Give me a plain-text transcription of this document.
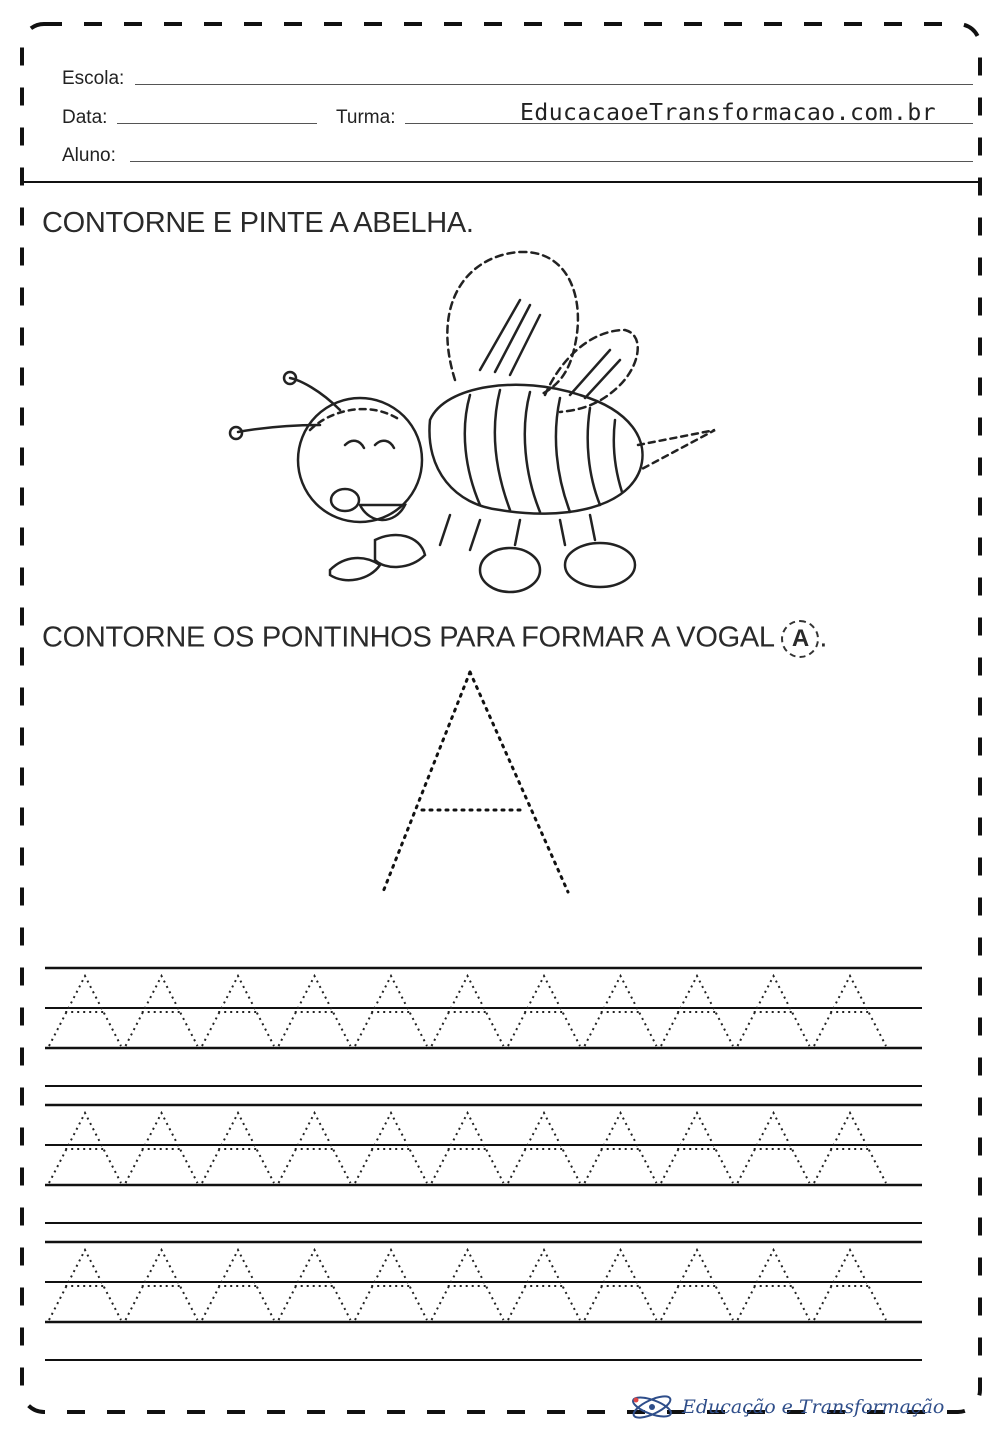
Escola:
Data:	Turma:	EducacaoeTransformacao.com.br
Aluno:
CONTORNE E PINTE A ABELHA.
CONTORNE OS PONTINHOS PARA FORMAR A VOGAL A .
Educação e Transformação
